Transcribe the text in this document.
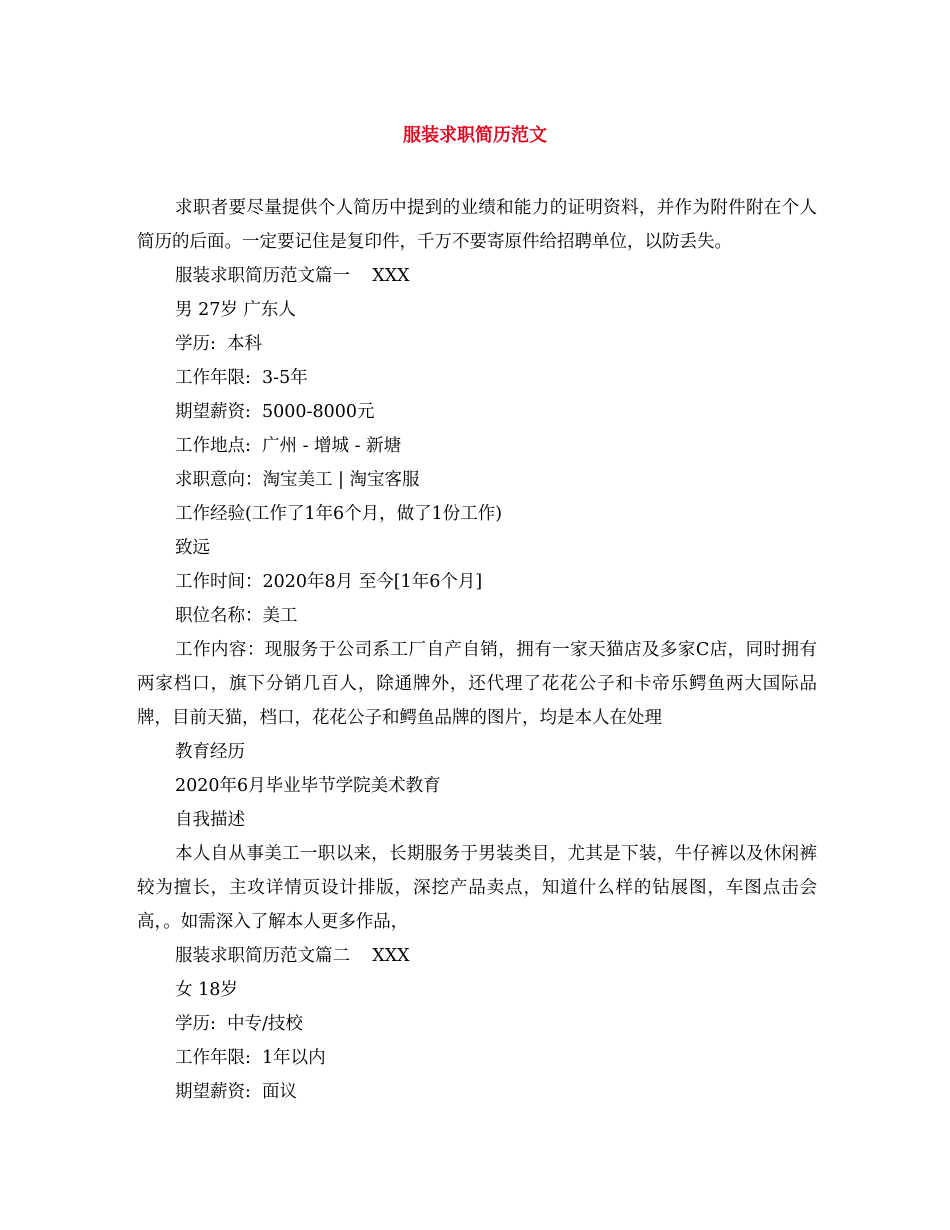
服装求职简历范文

求职者要尽量提供个人简历中提到的业绩和能力的证明资料，并作为附件附在个人简历的后面。一定要记住是复印件，千万不要寄原件给招聘单位，以防丢失。

服装求职简历范文篇一    XXX

男 27岁 广东人

学历:  本科

工作年限:  3-5年

期望薪资:  5000-8000元

工作地点:  广州 - 增城 - 新塘

求职意向：淘宝美工 | 淘宝客服

工作经验(工作了1年6个月，做了1份工作)

致远

工作时间：2020年8月 至今[1年6个月]

职位名称：美工

工作内容：现服务于公司系工厂自产自销，拥有一家天猫店及多家C店，同时拥有两家档口，旗下分销几百人，除通牌外，还代理了花花公子和卡帝乐鳄鱼两大国际品牌，目前天猫，档口，花花公子和鳄鱼品牌的图片，均是本人在处理

教育经历

2020年6月毕业毕节学院美术教育

自我描述

本人自从事美工一职以来，长期服务于男装类目，尤其是下装，牛仔裤以及休闲裤较为擅长，主攻详情页设计排版，深挖产品卖点，知道什么样的钻展图，车图点击会高，。如需深入了解本人更多作品，

服装求职简历范文篇二    XXX

女 18岁

学历:  中专/技校

工作年限:  1年以内

期望薪资:  面议
